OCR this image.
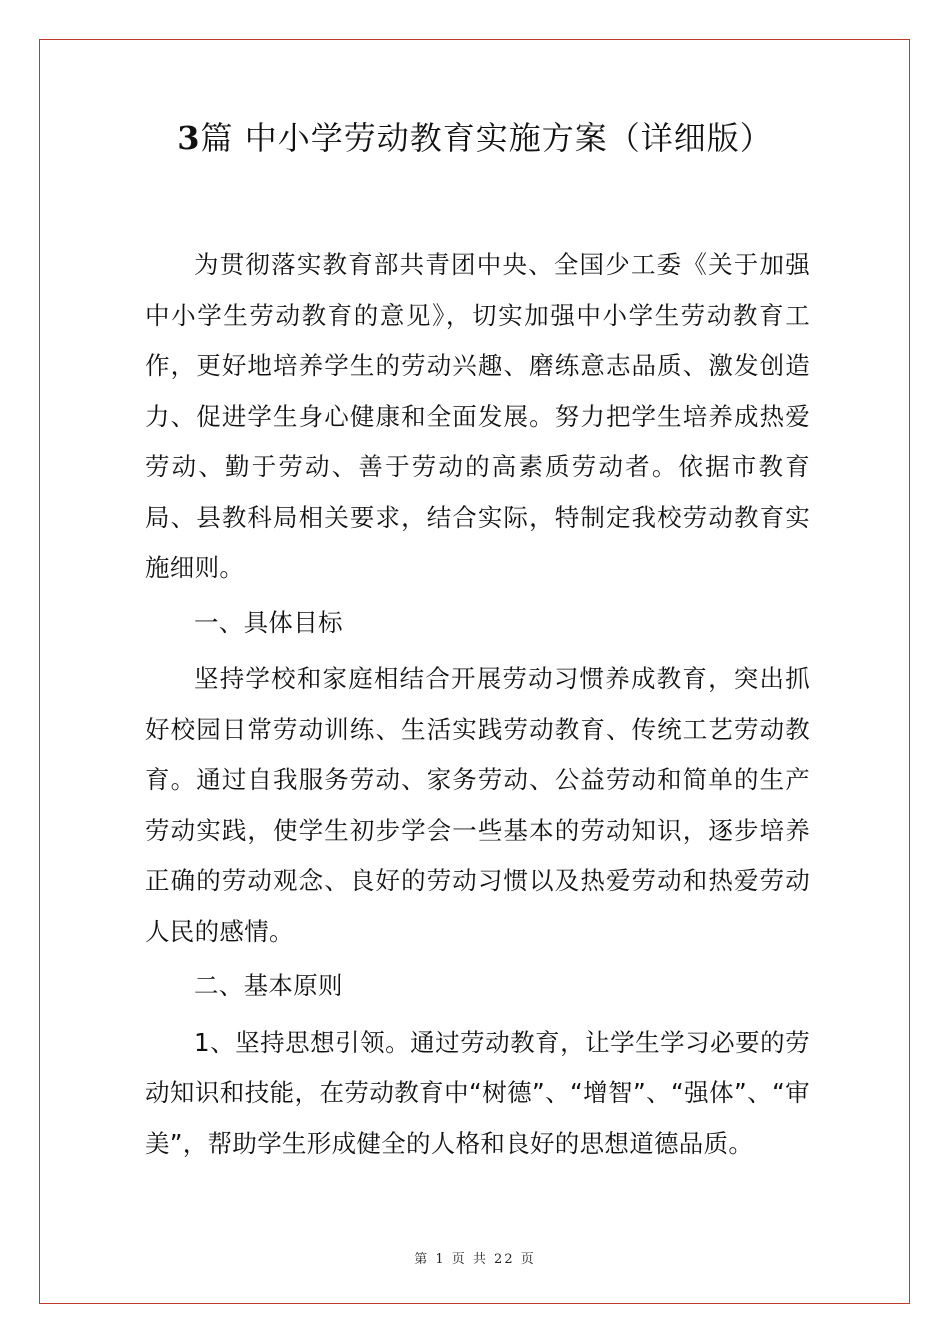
3篇 中小学劳动教育实施方案（详细版）

为贯彻落实教育部共青团中央、全国少工委《关于加强中小学生劳动教育的意见》，切实加强中小学生劳动教育工作，更好地培养学生的劳动兴趣、磨练意志品质、激发创造力、促进学生身心健康和全面发展。努力把学生培养成热爱劳动、勤于劳动、善于劳动的高素质劳动者。依据市教育局、县教科局相关要求，结合实际，特制定我校劳动教育实施细则。

一、具体目标

坚持学校和家庭相结合开展劳动习惯养成教育，突出抓好校园日常劳动训练、生活实践劳动教育、传统工艺劳动教育。通过自我服务劳动、家务劳动、公益劳动和简单的生产劳动实践，使学生初步学会一些基本的劳动知识，逐步培养正确的劳动观念、良好的劳动习惯以及热爱劳动和热爱劳动人民的感情。

二、基本原则

1、坚持思想引领。通过劳动教育，让学生学习必要的劳动知识和技能，在劳动教育中“树德”、“增智”、“强体”、“审美”，帮助学生形成健全的人格和良好的思想道德品质。

第 1 页 共 22 页
